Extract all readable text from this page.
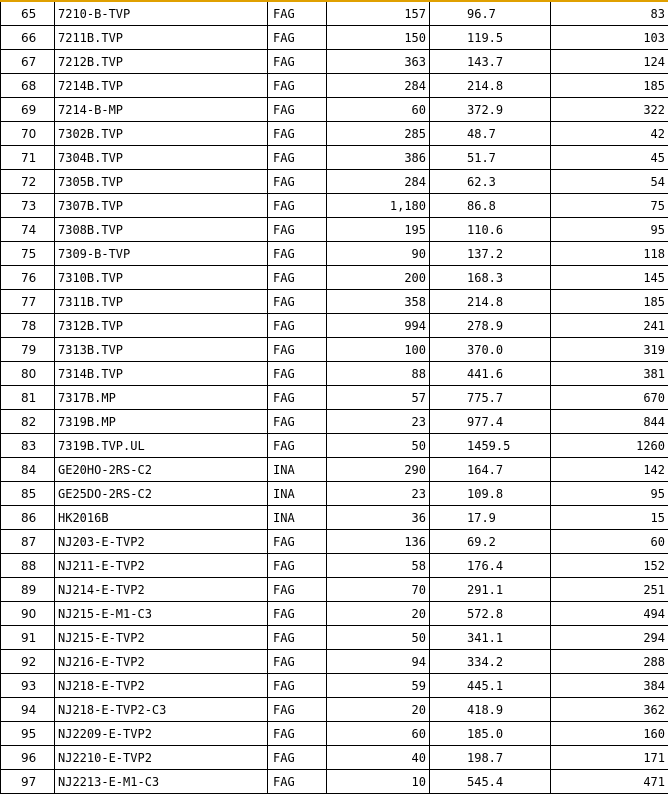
65	7210-B-TVP	FAG	157	96.7	83
66	7211B.TVP	FAG	150	119.5	103
67	7212B.TVP	FAG	363	143.7	124
68	7214B.TVP	FAG	284	214.8	185
69	7214-B-MP	FAG	60	372.9	322
70	7302B.TVP	FAG	285	48.7	42
71	7304B.TVP	FAG	386	51.7	45
72	7305B.TVP	FAG	284	62.3	54
73	7307B.TVP	FAG	1,180	86.8	75
74	7308B.TVP	FAG	195	110.6	95
75	7309-B-TVP	FAG	90	137.2	118
76	7310B.TVP	FAG	200	168.3	145
77	7311B.TVP	FAG	358	214.8	185
78	7312B.TVP	FAG	994	278.9	241
79	7313B.TVP	FAG	100	370.0	319
80	7314B.TVP	FAG	88	441.6	381
81	7317B.MP	FAG	57	775.7	670
82	7319B.MP	FAG	23	977.4	844
83	7319B.TVP.UL	FAG	50	1459.5	1260
84	GE20HO-2RS-C2	INA	290	164.7	142
85	GE25DO-2RS-C2	INA	23	109.8	95
86	HK2016B	INA	36	17.9	15
87	NJ203-E-TVP2	FAG	136	69.2	60
88	NJ211-E-TVP2	FAG	58	176.4	152
89	NJ214-E-TVP2	FAG	70	291.1	251
90	NJ215-E-M1-C3	FAG	20	572.8	494
91	NJ215-E-TVP2	FAG	50	341.1	294
92	NJ216-E-TVP2	FAG	94	334.2	288
93	NJ218-E-TVP2	FAG	59	445.1	384
94	NJ218-E-TVP2-C3	FAG	20	418.9	362
95	NJ2209-E-TVP2	FAG	60	185.0	160
96	NJ2210-E-TVP2	FAG	40	198.7	171
97	NJ2213-E-M1-C3	FAG	10	545.4	471
